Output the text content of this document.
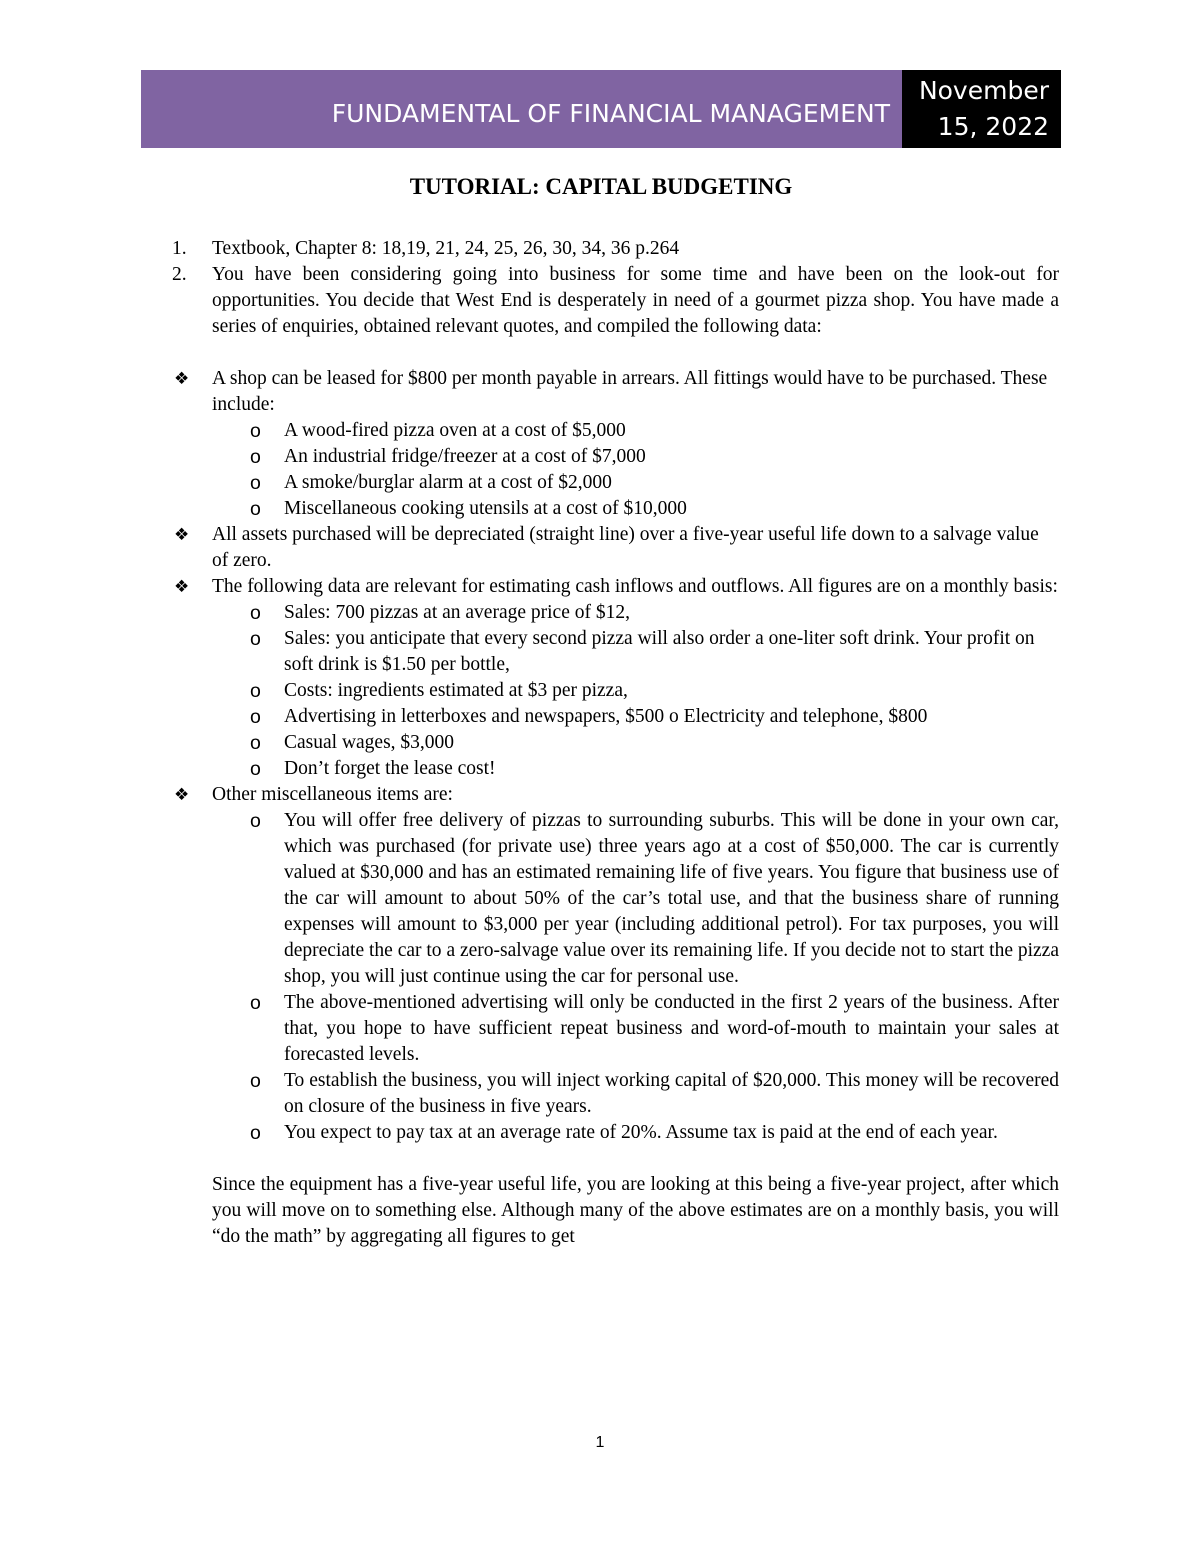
FUNDAMENTAL OF FINANCIAL MANAGEMENT
November
15, 2022
TUTORIAL: CAPITAL BUDGETING
1. Textbook, Chapter 8: 18,19, 21, 24, 25, 26, 30, 34, 36 p.264
2. You have been considering going into business for some time and have been on the look-out for opportunities. You decide that West End is desperately in need of a gourmet pizza shop. You have made a series of enquiries, obtained relevant quotes, and compiled the following data:
❖ A shop can be leased for $800 per month payable in arrears. All fittings would have to be purchased. These include:
o A wood-fired pizza oven at a cost of $5,000
o An industrial fridge/freezer at a cost of $7,000
o A smoke/burglar alarm at a cost of $2,000
o Miscellaneous cooking utensils at a cost of $10,000
❖ All assets purchased will be depreciated (straight line) over a five-year useful life down to a salvage value of zero.
❖ The following data are relevant for estimating cash inflows and outflows. All figures are on a monthly basis:
o Sales: 700 pizzas at an average price of $12,
o Sales: you anticipate that every second pizza will also order a one-liter soft drink. Your profit on soft drink is $1.50 per bottle,
o Costs: ingredients estimated at $3 per pizza,
o Advertising in letterboxes and newspapers, $500 o Electricity and telephone, $800
o Casual wages, $3,000
o Don’t forget the lease cost!
❖ Other miscellaneous items are:
o You will offer free delivery of pizzas to surrounding suburbs. This will be done in your own car, which was purchased (for private use) three years ago at a cost of $50,000. The car is currently valued at $30,000 and has an estimated remaining life of five years. You figure that business use of the car will amount to about 50% of the car’s total use, and that the business share of running expenses will amount to $3,000 per year (including additional petrol). For tax purposes, you will depreciate the car to a zero-salvage value over its remaining life. If you decide not to start the pizza shop, you will just continue using the car for personal use.
o The above-mentioned advertising will only be conducted in the first 2 years of the business. After that, you hope to have sufficient repeat business and word-of-mouth to maintain your sales at forecasted levels.
o To establish the business, you will inject working capital of $20,000. This money will be recovered on closure of the business in five years.
o You expect to pay tax at an average rate of 20%. Assume tax is paid at the end of each year.

Since the equipment has a five-year useful life, you are looking at this being a five-year project, after which you will move on to something else. Although many of the above estimates are on a monthly basis, you will “do the math” by aggregating all figures to get

1
